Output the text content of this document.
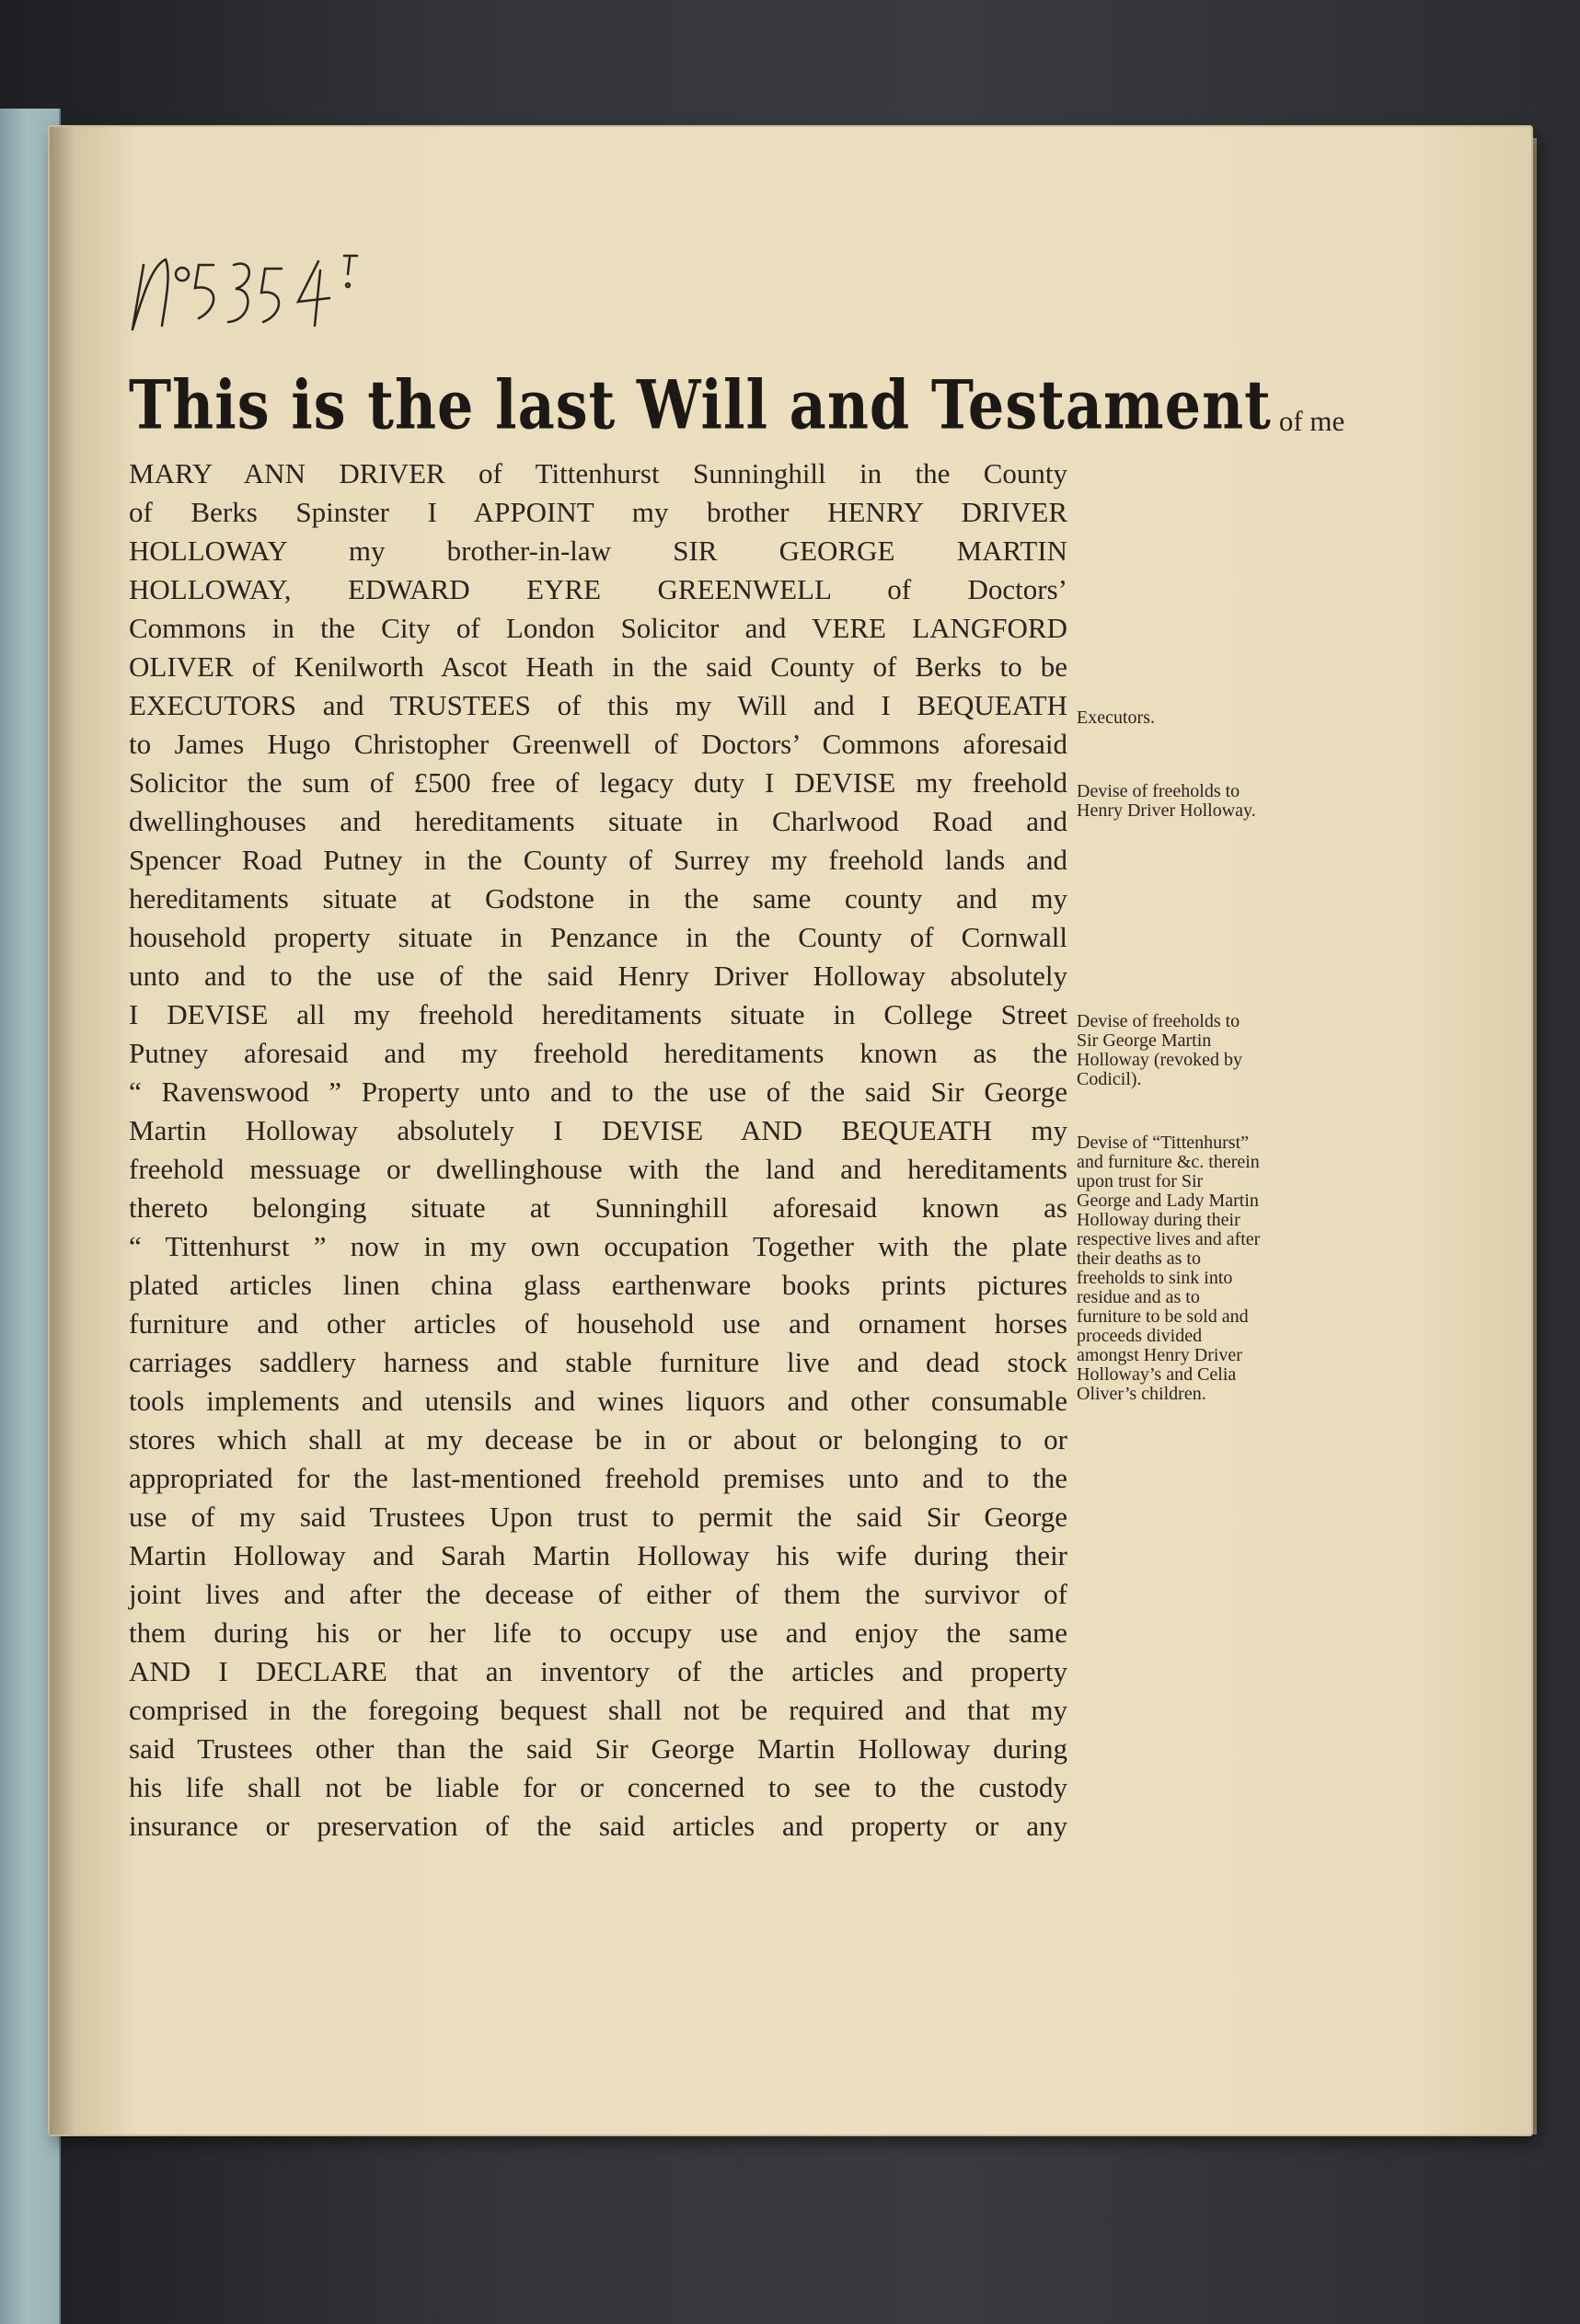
This is the last Will and Testament of me
MARY ANN DRIVER of Tittenhurst Sunninghill in the County
of Berks Spinster I APPOINT my brother HENRY DRIVER
HOLLOWAY my brother-in-law SIR GEORGE MARTIN
HOLLOWAY, EDWARD EYRE GREENWELL of Doctors’
Commons in the City of London Solicitor and VERE LANGFORD
OLIVER of Kenilworth Ascot Heath in the said County of Berks to be
EXECUTORS and TRUSTEES of this my Will and I BEQUEATH
to James Hugo Christopher Greenwell of Doctors’ Commons aforesaid
Solicitor the sum of £500 free of legacy duty I DEVISE my freehold
dwellinghouses and hereditaments situate in Charlwood Road and
Spencer Road Putney in the County of Surrey my freehold lands and
hereditaments situate at Godstone in the same county and my
household property situate in Penzance in the County of Cornwall
unto and to the use of the said Henry Driver Holloway absolutely
I DEVISE all my freehold hereditaments situate in College Street
Putney aforesaid and my freehold hereditaments known as the
“ Ravenswood ” Property unto and to the use of the said Sir George
Martin Holloway absolutely I DEVISE AND BEQUEATH my
freehold messuage or dwellinghouse with the land and hereditaments
thereto belonging situate at Sunninghill aforesaid known as
“ Tittenhurst ” now in my own occupation Together with the plate
plated articles linen china glass earthenware books prints pictures
furniture and other articles of household use and ornament horses
carriages saddlery harness and stable furniture live and dead stock
tools implements and utensils and wines liquors and other consumable
stores which shall at my decease be in or about or belonging to or
appropriated for the last-mentioned freehold premises unto and to the
use of my said Trustees Upon trust to permit the said Sir George
Martin Holloway and Sarah Martin Holloway his wife during their
joint lives and after the decease of either of them the survivor of
them during his or her life to occupy use and enjoy the same
AND I DECLARE that an inventory of the articles and property
comprised in the foregoing bequest shall not be required and that my
said Trustees other than the said Sir George Martin Holloway during
his life shall not be liable for or concerned to see to the custody
insurance or preservation of the said articles and property or any
Executors.
Devise of freeholds to Henry Driver Holloway.
Devise of freeholds to Sir George Martin Holloway (revoked by Codicil).
Devise of “Tittenhurst” and furniture &c. therein upon trust for Sir George and Lady Martin Holloway during their respective lives and after their deaths as to freeholds to sink into residue and as to furniture to be sold and proceeds divided amongst Henry Driver Holloway’s and Celia Oliver’s children.
